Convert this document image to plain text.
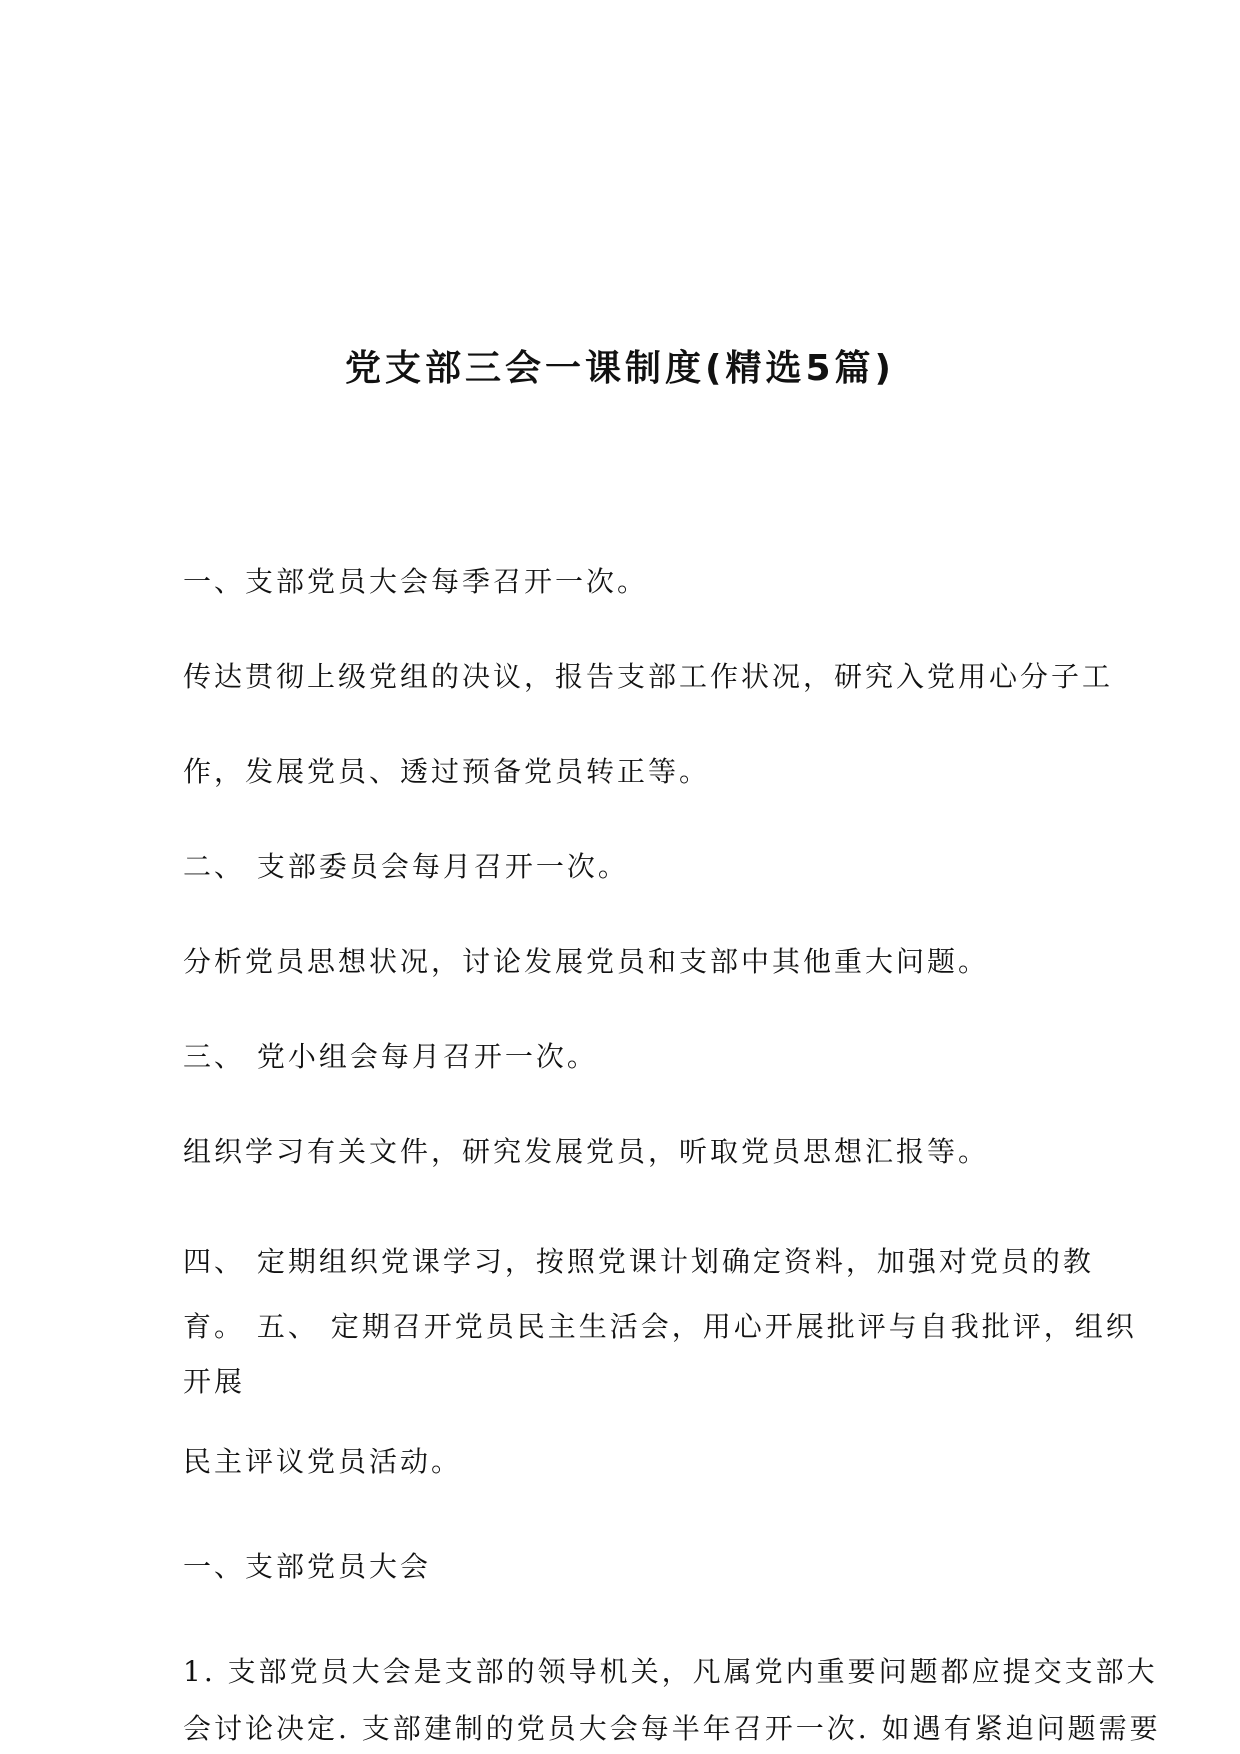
党支部三会一课制度(精选5篇)
一、支部党员大会每季召开一次。
传达贯彻上级党组的决议，报告支部工作状况，研究入党用心分子工
作，发展党员、透过预备党员转正等。
二、 支部委员会每月召开一次。
分析党员思想状况，讨论发展党员和支部中其他重大问题。
三、 党小组会每月召开一次。
组织学习有关文件，研究发展党员，听取党员思想汇报等。
四、 定期组织党课学习，按照党课计划确定资料，加强对党员的教
育。 五、 定期召开党员民主生活会，用心开展批评与自我批评，组织
开展
民主评议党员活动。
一、支部党员大会
1. 支部党员大会是支部的领导机关，凡属党内重要问题都应提交支部大
会讨论决定. 支部建制的党员大会每半年召开一次. 如遇有紧迫问题需要
